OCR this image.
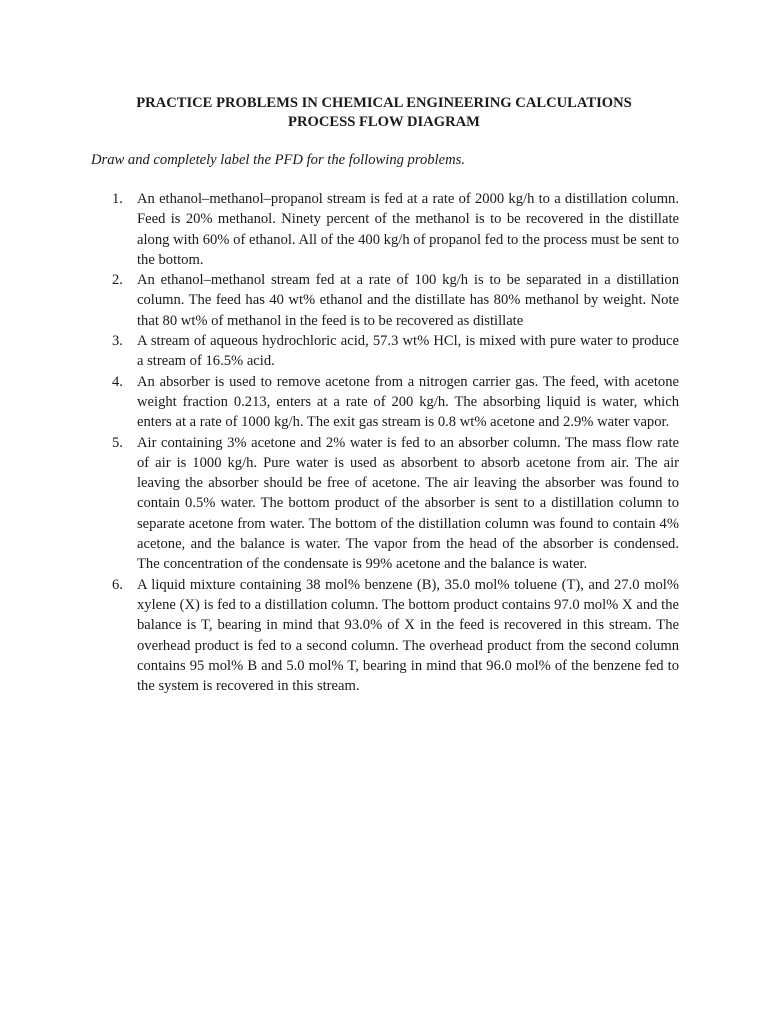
PRACTICE PROBLEMS IN CHEMICAL ENGINEERING CALCULATIONS
PROCESS FLOW DIAGRAM
Draw and completely label the PFD for the following problems.
1. An ethanol–methanol–propanol stream is fed at a rate of 2000 kg/h to a distillation column. Feed is 20% methanol. Ninety percent of the methanol is to be recovered in the distillate along with 60% of ethanol. All of the 400 kg/h of propanol fed to the process must be sent to the bottom.
2. An ethanol–methanol stream fed at a rate of 100 kg/h is to be separated in a distillation column. The feed has 40 wt% ethanol and the distillate has 80% methanol by weight. Note that 80 wt% of methanol in the feed is to be recovered as distillate
3. A stream of aqueous hydrochloric acid, 57.3 wt% HCl, is mixed with pure water to produce a stream of 16.5% acid.
4. An absorber is used to remove acetone from a nitrogen carrier gas. The feed, with acetone weight fraction 0.213, enters at a rate of 200 kg/h. The absorbing liquid is water, which enters at a rate of 1000 kg/h. The exit gas stream is 0.8 wt% acetone and 2.9% water vapor.
5. Air containing 3% acetone and 2% water is fed to an absorber column. The mass flow rate of air is 1000 kg/h. Pure water is used as absorbent to absorb acetone from air. The air leaving the absorber should be free of acetone. The air leaving the absorber was found to contain 0.5% water. The bottom product of the absorber is sent to a distillation column to separate acetone from water. The bottom of the distillation column was found to contain 4% acetone, and the balance is water. The vapor from the head of the absorber is condensed. The concentration of the condensate is 99% acetone and the balance is water.
6. A liquid mixture containing 38 mol% benzene (B), 35.0 mol% toluene (T), and 27.0 mol% xylene (X) is fed to a distillation column. The bottom product contains 97.0 mol% X and the balance is T, bearing in mind that 93.0% of X in the feed is recovered in this stream. The overhead product is fed to a second column. The overhead product from the second column contains 95 mol% B and 5.0 mol% T, bearing in mind that 96.0 mol% of the benzene fed to the system is recovered in this stream.
